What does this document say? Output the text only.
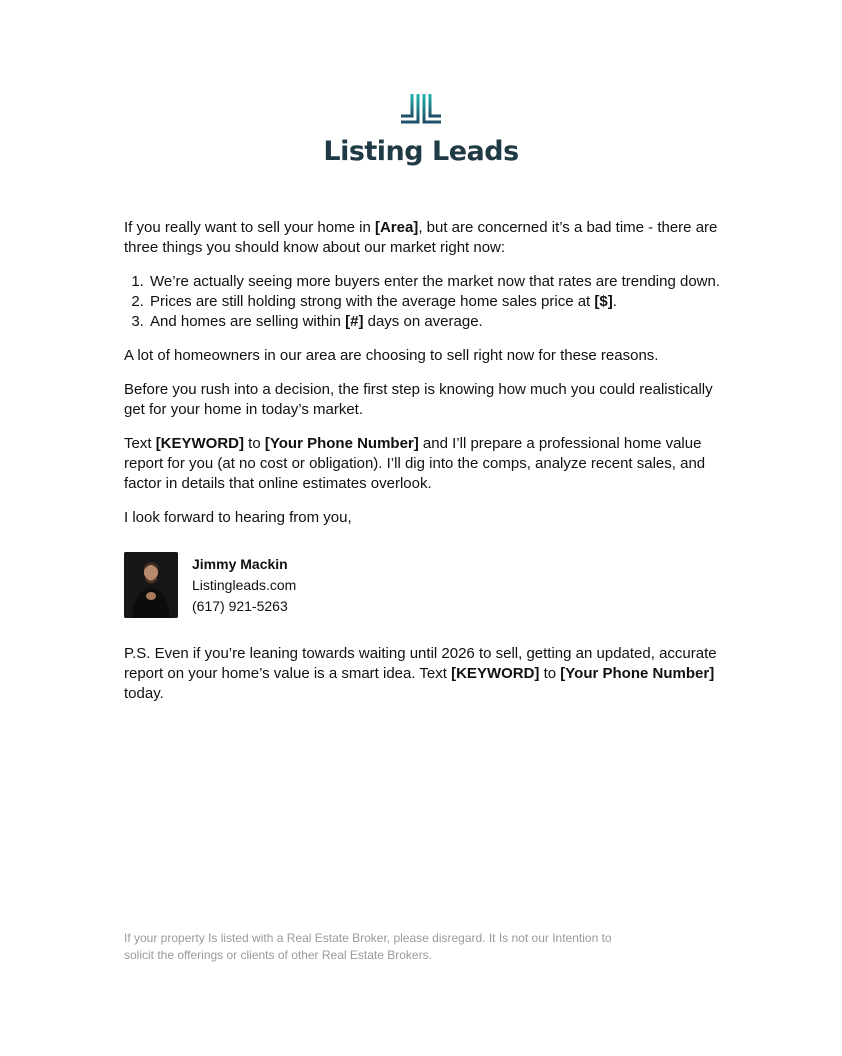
Listing Leads

If you really want to sell your home in [Area], but are concerned it’s a bad time - there are three things you should know about our market right now:

1. We’re actually seeing more buyers enter the market now that rates are trending down.
2. Prices are still holding strong with the average home sales price at [$].
3. And homes are selling within [#] days on average.

A lot of homeowners in our area are choosing to sell right now for these reasons.

Before you rush into a decision, the first step is knowing how much you could realistically get for your home in today’s market.

Text [KEYWORD] to [Your Phone Number] and I’ll prepare a professional home value report for you (at no cost or obligation). I’ll dig into the comps, analyze recent sales, and factor in details that online estimates overlook.

I look forward to hearing from you,

Jimmy Mackin
Listingleads.com
(617) 921-5263

P.S. Even if you’re leaning towards waiting until 2026 to sell, getting an updated, accurate report on your home’s value is a smart idea. Text [KEYWORD] to [Your Phone Number] today.

If your property Is listed with a Real Estate Broker, please disregard. It Is not our Intention to solicit the offerings or clients of other Real Estate Brokers.
